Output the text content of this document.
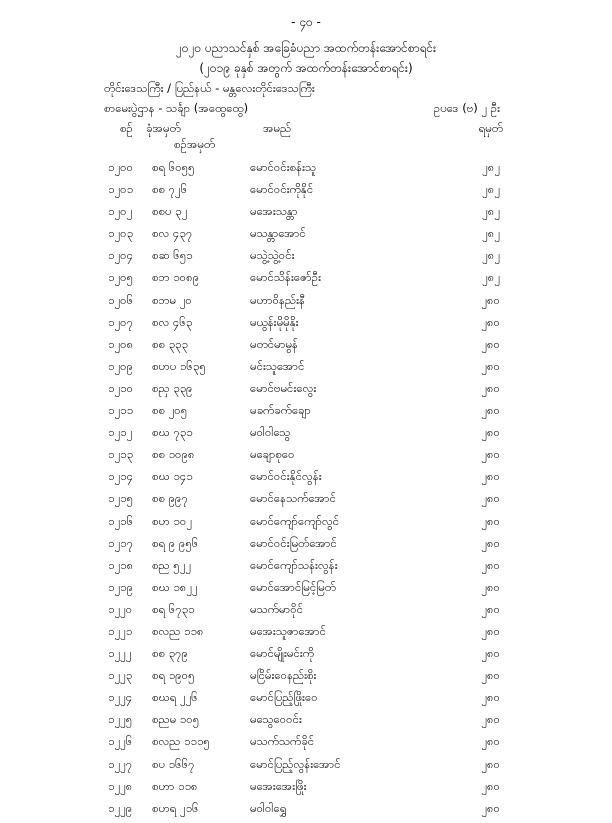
- ၄၀ -
၂၀၂၀ ပညာသင်နှစ် အခြေခံပညာ အထက်တန်းအောင်စာရင်း
(၂၀၁၉ ခုနှစ် အတွက် အထက်တန်းအောင်စာရင်း)
တိုင်းဒေသကြီး / ပြည်နယ် - မန္တလေးတိုင်းဒေသကြီး
စာမေးပွဲဌာန - သင်္ချာ (အထွေထွေ)	ဥပဒေ (ဗ) ၂ ဦး
စဉ် ခုံအမှတ်
စဉ်အမှတ်
အမည်	ရမှတ်
၁၂၀၀ စရ ၆၀၅၅	မောင်ဝင်းစန်းသူ	၂၈၂
၁၂၀၁ စစ ၇၂၆	မောင်ဝင်းကိုနိုင်	၂၈၂
၁၂၀၂ စစပ ၃၂	မအေးသန္တာ	၂၈၂
၁၂၀၃ စလ ၄၃၇	မသန္တာအောင်	၂၈၂
၁၂၀၄ စဆ ၆၅၁	မသွဲ့သွဲ့ဝင်း	၂၈၂
၁၂၀၅ စဘ ၁၀၈၉	မောင်သိန်းဇော်ဦး	၂၈၂
၁၂၀၆ စဘမ ၂၀	မဟာဝိနည်းနီ	၂၈၀
၁၂၀၇ စလ ၄၆၃	မယွန်းမိုမိုနိုး	၂၈၀
၁၂၀၈ စစ ၃၃၃	မတင်မာမွန်	၂၈၀
၁၂၀၉ စဟပ ၁၆၃၅	မင်းသူအောင်	၂၈၀
၁၂၁၀ စညှ ၃၃၉	မောင်ဗမင်းလွေး	၂၈၀
၁၂၁၁ စစ ၂၀၅	မခက်ခက်ချော	၂၈၀
၁၂၁၂ စဃ ၇၃၁	မဝါဝါသွေ	၂၈၀
၁၂၁၃ စစ ၁၀၉၈	မချောစုဝေ	၂၈၀
၁၂၁၄ စဃ ၁၄၁	မောင်ဝင်းနိုင်လွန်း	၂၈၀
၁၂၁၅ စစ ၉၉၇	မောင်နေသက်အောင်	၂၈၀
၁၂၁၆ စဟ ၁၀၂	မောင်ကျော်ကျော်လွင်	၂၈၀
၁၂၁၇ စရ ၉ ၉၅၆	မောင်ဝင်းမြတ်အောင်	၂၈၀
၁၂၁၈ စည ၅၂၂	မောင်ကျော်သန်းလွန်း	၂၈၀
၁၂၁၉ စဃ ၁၈၂၂	မောင်အောင်မြင့်မြတ်	၂၈၀
၁၂၂၀ စရ ၆၇၃၁	မသက်မာဝိုင်	၂၈၀
၁၂၂၁ စလည ၁၁၈	မအေးသူဇာအောင်	၂၈၀
၁၂၂၂ စစ ၃၇၉	မောင်မျိုးမင်းကို	၂၈၀
၁၂၂၃ စရ ၁၉၀၅	မငြိမ်းဝေနည်းစိုး	၂၈၀
၁၂၂၄ စဃရ ၂၂၆	မောင်ပြည့်ဖြိုးဝေ	၂၈၀
၁၂၂၅ စညမ ၁၀၅	မသွေဝေဝင်း	၂၈၀
၁၂၂၆ စလည ၁၁၁၅	မသက်သက်ခိုင်	၂၈၀
၁၂၂၇ စပ ၁၆၆၇	မောင်ပြည့်လွန်းအောင်	၂၈၀
၁၂၂၈ စဟာ ၁၁၈	မအေးအေးဖြိုး	၂၈၀
၁၂၂၉ စဟရ ၂၁၆	မဝါဝါရွှေ	၂၈၀
